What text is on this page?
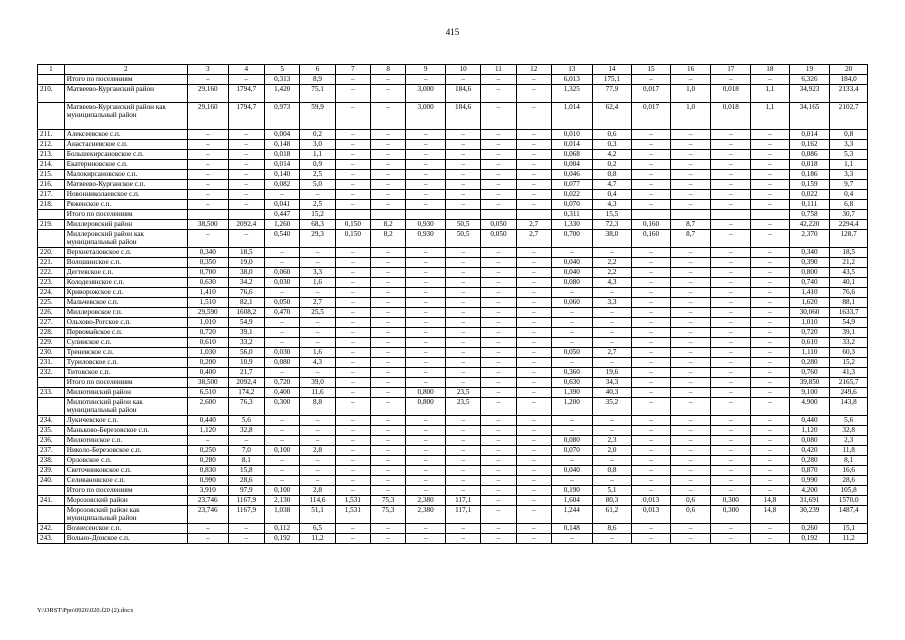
415
1	2	3	4	5	6	7	8	9	10	11	12	13	14	15	16	17	18	19	20
	Итого по поселениям	–	–	0,313	8,9	–	–	–	–	–	–	6,013	175,1	–	–	–	–	6,326	184,0
210.	Матвеево-Курганский район	29,160	1794,7	1,420	75,1	–	–	3,000	184,6	–	–	1,325	77,9	0,017	1,0	0,018	1,1	34,923	2133,4
	Матвеево-Курганский район как муниципальный район	29,160	1794,7	0,973	59,9	–	–	3,000	184,6	–	–	1,014	62,4	0,017	1,0	0,018	1,1	34,165	2102,7
211.	Алексеевское с.п.	–	–	0,004	0,2	–	–	–	–	–	–	0,010	0,6	–	–	–	–	0,014	0,8
212.	Анастасиевское с.п.	–	–	0,148	3,0	–	–	–	–	–	–	0,014	0,3	–	–	–	–	0,162	3,3
213.	Большекирсановское с.п.	–	–	0,018	1,1	–	–	–	–	–	–	0,068	4,2	–	–	–	–	0,086	5,3
214.	Екатериновское с.п.	–	–	0,014	0,9	–	–	–	–	–	–	0,004	0,2	–	–	–	–	0,018	1,1
215.	Малокирсановское с.п.	–	–	0,140	2,5	–	–	–	–	–	–	0,046	0,8	–	–	–	–	0,186	3,3
216.	Матвеево-Курганское с.п.	–	–	0,082	5,0	–	–	–	–	–	–	0,077	4,7	–	–	–	–	0,159	9,7
217.	Новонниколаевское с.п.	–	–	–	–	–	–	–	–	–	–	0,022	0,4	–	–	–	–	0,022	0,4
218.	Ряженское с.п.	–	–	0,041	2,5	–	–	–	–	–	–	0,070	4,3	–	–	–	–	0,111	6,8
	Итого по поселениям			0,447	15,2							0,311	15,5					0,758	30,7
219.	Миллеровский район	38,500	2092,4	1,260	68,3	0,150	8,2	0,930	50,5	0,050	2,7	1,330	72,3	0,160	8,7	–	–	42,220	2294,4
	Миллеровский район как муниципальный район	–	–	0,540	29,3	0,150	8,2	0,930	50,5	0,050	2,7	0,700	38,0	0,160	8,7	–	–	2,370	128,7
220.	Верхнеталовское с.п.	0,340	18,5	–	–	–	–	–	–	–	–	–	–	–	–	–	–	0,340	18,5
221.	Волошинское с.п.	0,350	19,0	–	–	–	–	–	–	–	–	0,040	2,2	–	–	–	–	0,390	21,2
222.	Дегтевское с.п.	0,700	38,0	0,060	3,3	–	–	–	–	–	–	0,040	2,2	–	–	–	–	0,800	43,5
223.	Колодезянское с.п.	0,630	34,2	0,030	1,6	–	–	–	–	–	–	0,080	4,3	–	–	–	–	0,740	40,1
224.	Криворожское с.п.	1,410	76,6	–	–	–	–	–	–	–	–	–	–	–	–	–	–	1,410	76,6
225.	Мальчевское с.п.	1,510	82,1	0,050	2,7	–	–	–	–	–	–	0,060	3,3	–	–	–	–	1,620	88,1
226.	Миллеровское г.п.	29,590	1608,2	0,470	25,5	–	–	–	–	–	–	–	–	–	–	–	–	30,060	1633,7
227.	Ольхово-Рогское с.п.	1,010	54,9	–	–	–	–	–	–	–	–	–	–	–	–	–	–	1,010	54,9
228.	Первомайское с.п.	0,720	39,1	–	–	–	–	–	–	–	–	–	–	–	–	–	–	0,720	39,1
229.	Сулинское с.п.	0,610	33,2	–	–	–	–	–	–	–	–	–	–	–	–	–	–	0,610	33,2
230.	Треневское с.п.	1,030	56,0	0,030	1,6	–	–	–	–	–	–	0,050	2,7	–	–	–	–	1,110	60,3
231.	Туриловское с.п.	0,200	10,9	0,080	4,3	–	–	–	–	–	–	–	–	–	–	–	–	0,280	15,2
232.	Титовское с.п.	0,400	21,7	–	–	–	–	–	–	–	–	0,360	19,6	–	–	–	–	0,760	41,3
	Итого по поселениям	38,500	2092,4	0,720	39,0	–	–	–	–	–	–	0,630	34,3	–	–	–	–	39,850	2165,7
233.	Милютинский район	6,510	174,2	0,400	11,6	–	–	0,800	23,5	–	–	1,390	40,3	–	–	–	–	9,100	249,6
	Милютинский район как муниципальный район	2,600	76,3	0,300	8,8	–	–	0,800	23,5	–	–	1,200	35,2	–	–	–	–	4,900	143,8
234.	Лукичевское с.п.	0,440	5,6	–	–	–	–	–	–	–	–	–	–	–	–	–	–	0,440	5,6
235.	Маньково-Березовское с.п.	1,120	32,8	–	–	–	–	–	–	–	–	–	–	–	–	–	–	1,120	32,8
236.	Милютинское с.п.	–	–	–	–	–	–	–	–	–	–	0,080	2,3	–	–	–	–	0,080	2,3
237.	Николо-Березовское с.п.	0,250	7,0	0,100	2,8	–	–	–	–	–	–	0,070	2,0	–	–	–	–	0,420	11,8
238.	Орловское с.п.	0,280	8,1	–	–	–	–	–	–	–	–	–	–	–	–	–	–	0,280	8,1
239.	Светочниковское с.п.	0,830	15,8	–	–	–	–	–	–	–	–	0,040	0,8	–	–	–	–	0,870	16,6
240.	Селивановское с.п.	0,990	28,6	–	–	–	–	–	–	–	–	–	–	–	–	–	–	0,990	28,6
	Итого по поселениям	3,910	97,9	0,100	2,8	–	–	–	–	–	–	0,190	5,1	–	–	–	–	4,200	105,8
241.	Морозовский район	23,746	1167,9	2,130	114,6	1,531	75,3	2,380	117,1	–	–	1,604	80,3	0,013	0,6	0,300	14,8	31,691	1570,0
	Морозовский район как муниципальный район	23,746	1167,9	1,038	51,1	1,531	75,3	2,380	117,1	–	–	1,244	61,2	0,013	0,6	0,300	14,8	30,239	1487,4
242.	Вознесенское с.п.	–	–	0,112	6,5	–	–	–	–	–	–	0,148	8,6	–	–	–	–	0,260	15,1
243.	Вольно-Донское с.п.	–	–	0,192	11,2	–	–	–	–	–	–	–	–	–	–	–	–	0,192	11,2
Y:\ORST\Ppo\0926\020.f20 (2).docx
